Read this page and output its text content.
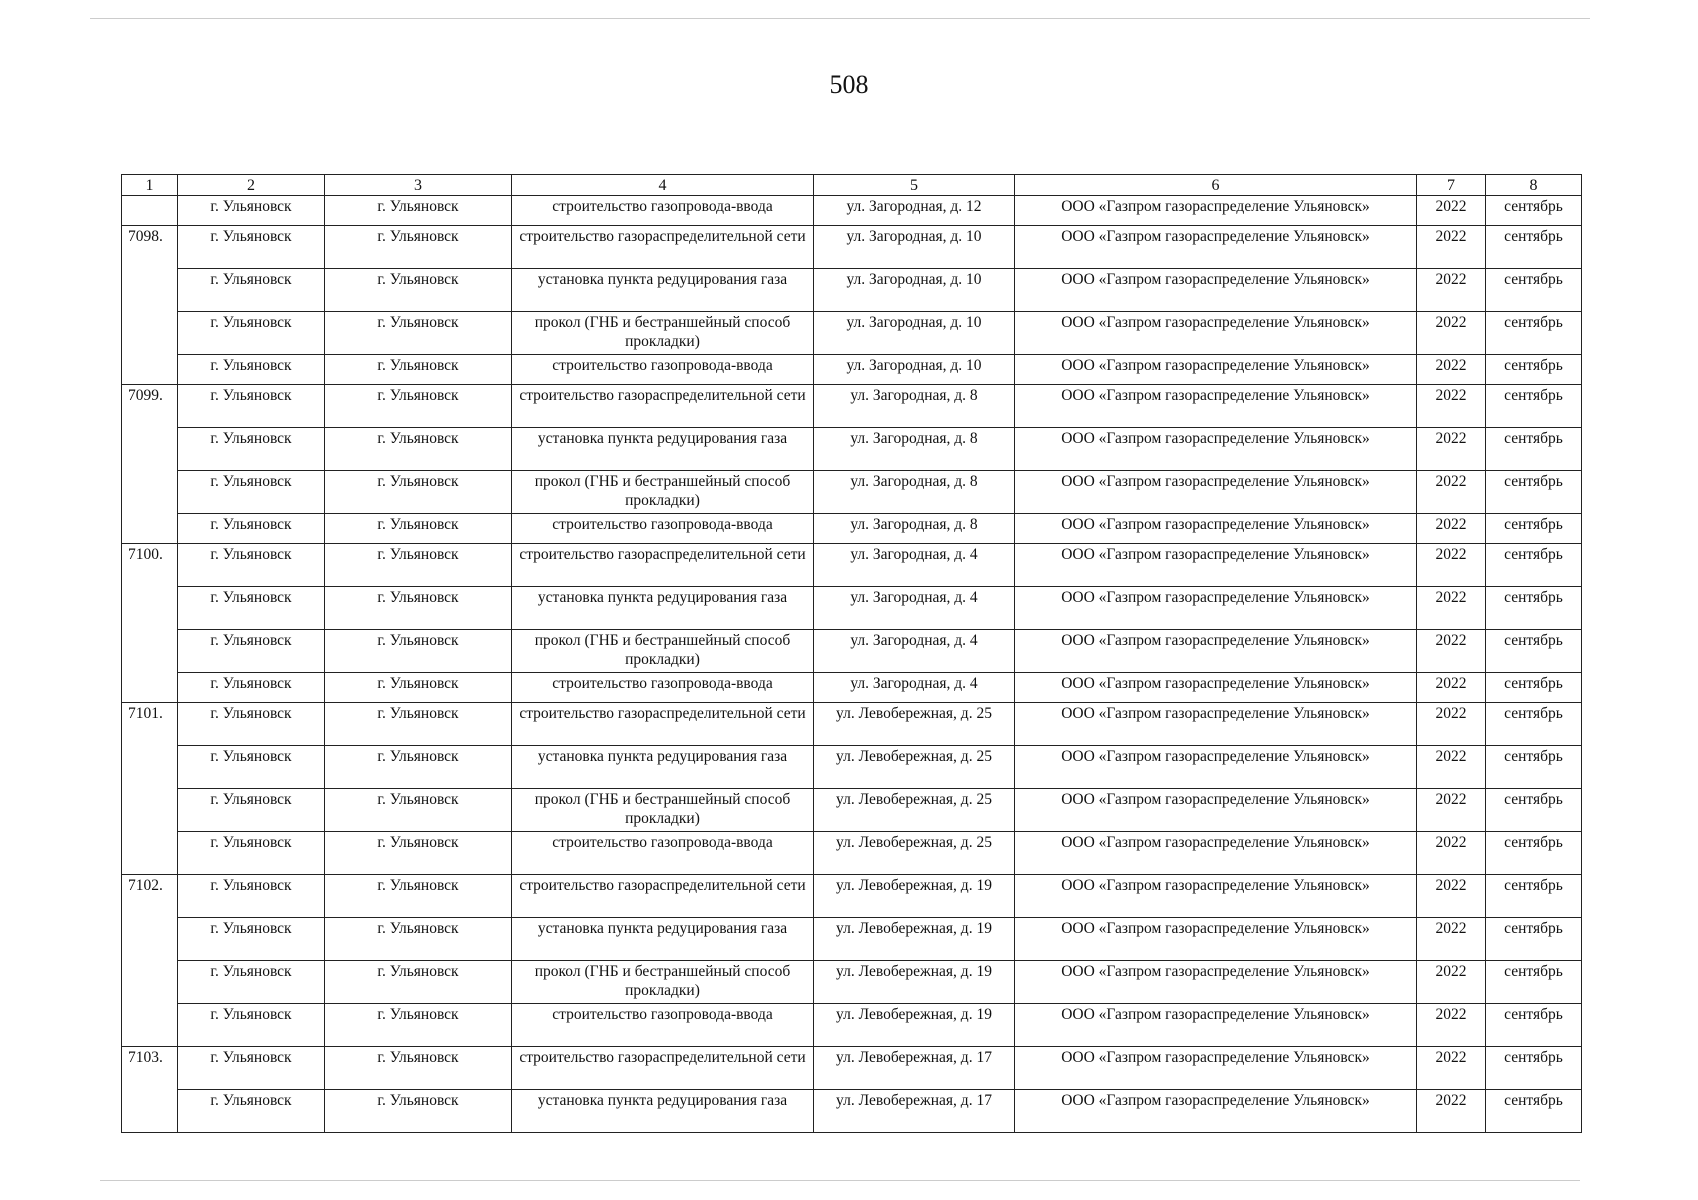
508
1	2	3	4	5	6	7	8
	г. Ульяновск	г. Ульяновск	строительство газопровода-ввода	ул. Загородная, д. 12	ООО «Газпром газораспределение Ульяновск»	2022	сентябрь
7098.	г. Ульяновск	г. Ульяновск	строительство газораспределительной сети	ул. Загородная, д. 10	ООО «Газпром газораспределение Ульяновск»	2022	сентябрь
	г. Ульяновск	г. Ульяновск	установка пункта редуцирования газа	ул. Загородная, д. 10	ООО «Газпром газораспределение Ульяновск»	2022	сентябрь
	г. Ульяновск	г. Ульяновск	прокол (ГНБ и бестраншейный способ прокладки)	ул. Загородная, д. 10	ООО «Газпром газораспределение Ульяновск»	2022	сентябрь
	г. Ульяновск	г. Ульяновск	строительство газопровода-ввода	ул. Загородная, д. 10	ООО «Газпром газораспределение Ульяновск»	2022	сентябрь
7099.	г. Ульяновск	г. Ульяновск	строительство газораспределительной сети	ул. Загородная, д. 8	ООО «Газпром газораспределение Ульяновск»	2022	сентябрь
	г. Ульяновск	г. Ульяновск	установка пункта редуцирования газа	ул. Загородная, д. 8	ООО «Газпром газораспределение Ульяновск»	2022	сентябрь
	г. Ульяновск	г. Ульяновск	прокол (ГНБ и бестраншейный способ прокладки)	ул. Загородная, д. 8	ООО «Газпром газораспределение Ульяновск»	2022	сентябрь
	г. Ульяновск	г. Ульяновск	строительство газопровода-ввода	ул. Загородная, д. 8	ООО «Газпром газораспределение Ульяновск»	2022	сентябрь
7100.	г. Ульяновск	г. Ульяновск	строительство газораспределительной сети	ул. Загородная, д. 4	ООО «Газпром газораспределение Ульяновск»	2022	сентябрь
	г. Ульяновск	г. Ульяновск	установка пункта редуцирования газа	ул. Загородная, д. 4	ООО «Газпром газораспределение Ульяновск»	2022	сентябрь
	г. Ульяновск	г. Ульяновск	прокол (ГНБ и бестраншейный способ прокладки)	ул. Загородная, д. 4	ООО «Газпром газораспределение Ульяновск»	2022	сентябрь
	г. Ульяновск	г. Ульяновск	строительство газопровода-ввода	ул. Загородная, д. 4	ООО «Газпром газораспределение Ульяновск»	2022	сентябрь
7101.	г. Ульяновск	г. Ульяновск	строительство газораспределительной сети	ул. Левобережная, д. 25	ООО «Газпром газораспределение Ульяновск»	2022	сентябрь
	г. Ульяновск	г. Ульяновск	установка пункта редуцирования газа	ул. Левобережная, д. 25	ООО «Газпром газораспределение Ульяновск»	2022	сентябрь
	г. Ульяновск	г. Ульяновск	прокол (ГНБ и бестраншейный способ прокладки)	ул. Левобережная, д. 25	ООО «Газпром газораспределение Ульяновск»	2022	сентябрь
	г. Ульяновск	г. Ульяновск	строительство газопровода-ввода	ул. Левобережная, д. 25	ООО «Газпром газораспределение Ульяновск»	2022	сентябрь
7102.	г. Ульяновск	г. Ульяновск	строительство газораспределительной сети	ул. Левобережная, д. 19	ООО «Газпром газораспределение Ульяновск»	2022	сентябрь
	г. Ульяновск	г. Ульяновск	установка пункта редуцирования газа	ул. Левобережная, д. 19	ООО «Газпром газораспределение Ульяновск»	2022	сентябрь
	г. Ульяновск	г. Ульяновск	прокол (ГНБ и бестраншейный способ прокладки)	ул. Левобережная, д. 19	ООО «Газпром газораспределение Ульяновск»	2022	сентябрь
	г. Ульяновск	г. Ульяновск	строительство газопровода-ввода	ул. Левобережная, д. 19	ООО «Газпром газораспределение Ульяновск»	2022	сентябрь
7103.	г. Ульяновск	г. Ульяновск	строительство газораспределительной сети	ул. Левобережная, д. 17	ООО «Газпром газораспределение Ульяновск»	2022	сентябрь
	г. Ульяновск	г. Ульяновск	установка пункта редуцирования газа	ул. Левобережная, д. 17	ООО «Газпром газораспределение Ульяновск»	2022	сентябрь
